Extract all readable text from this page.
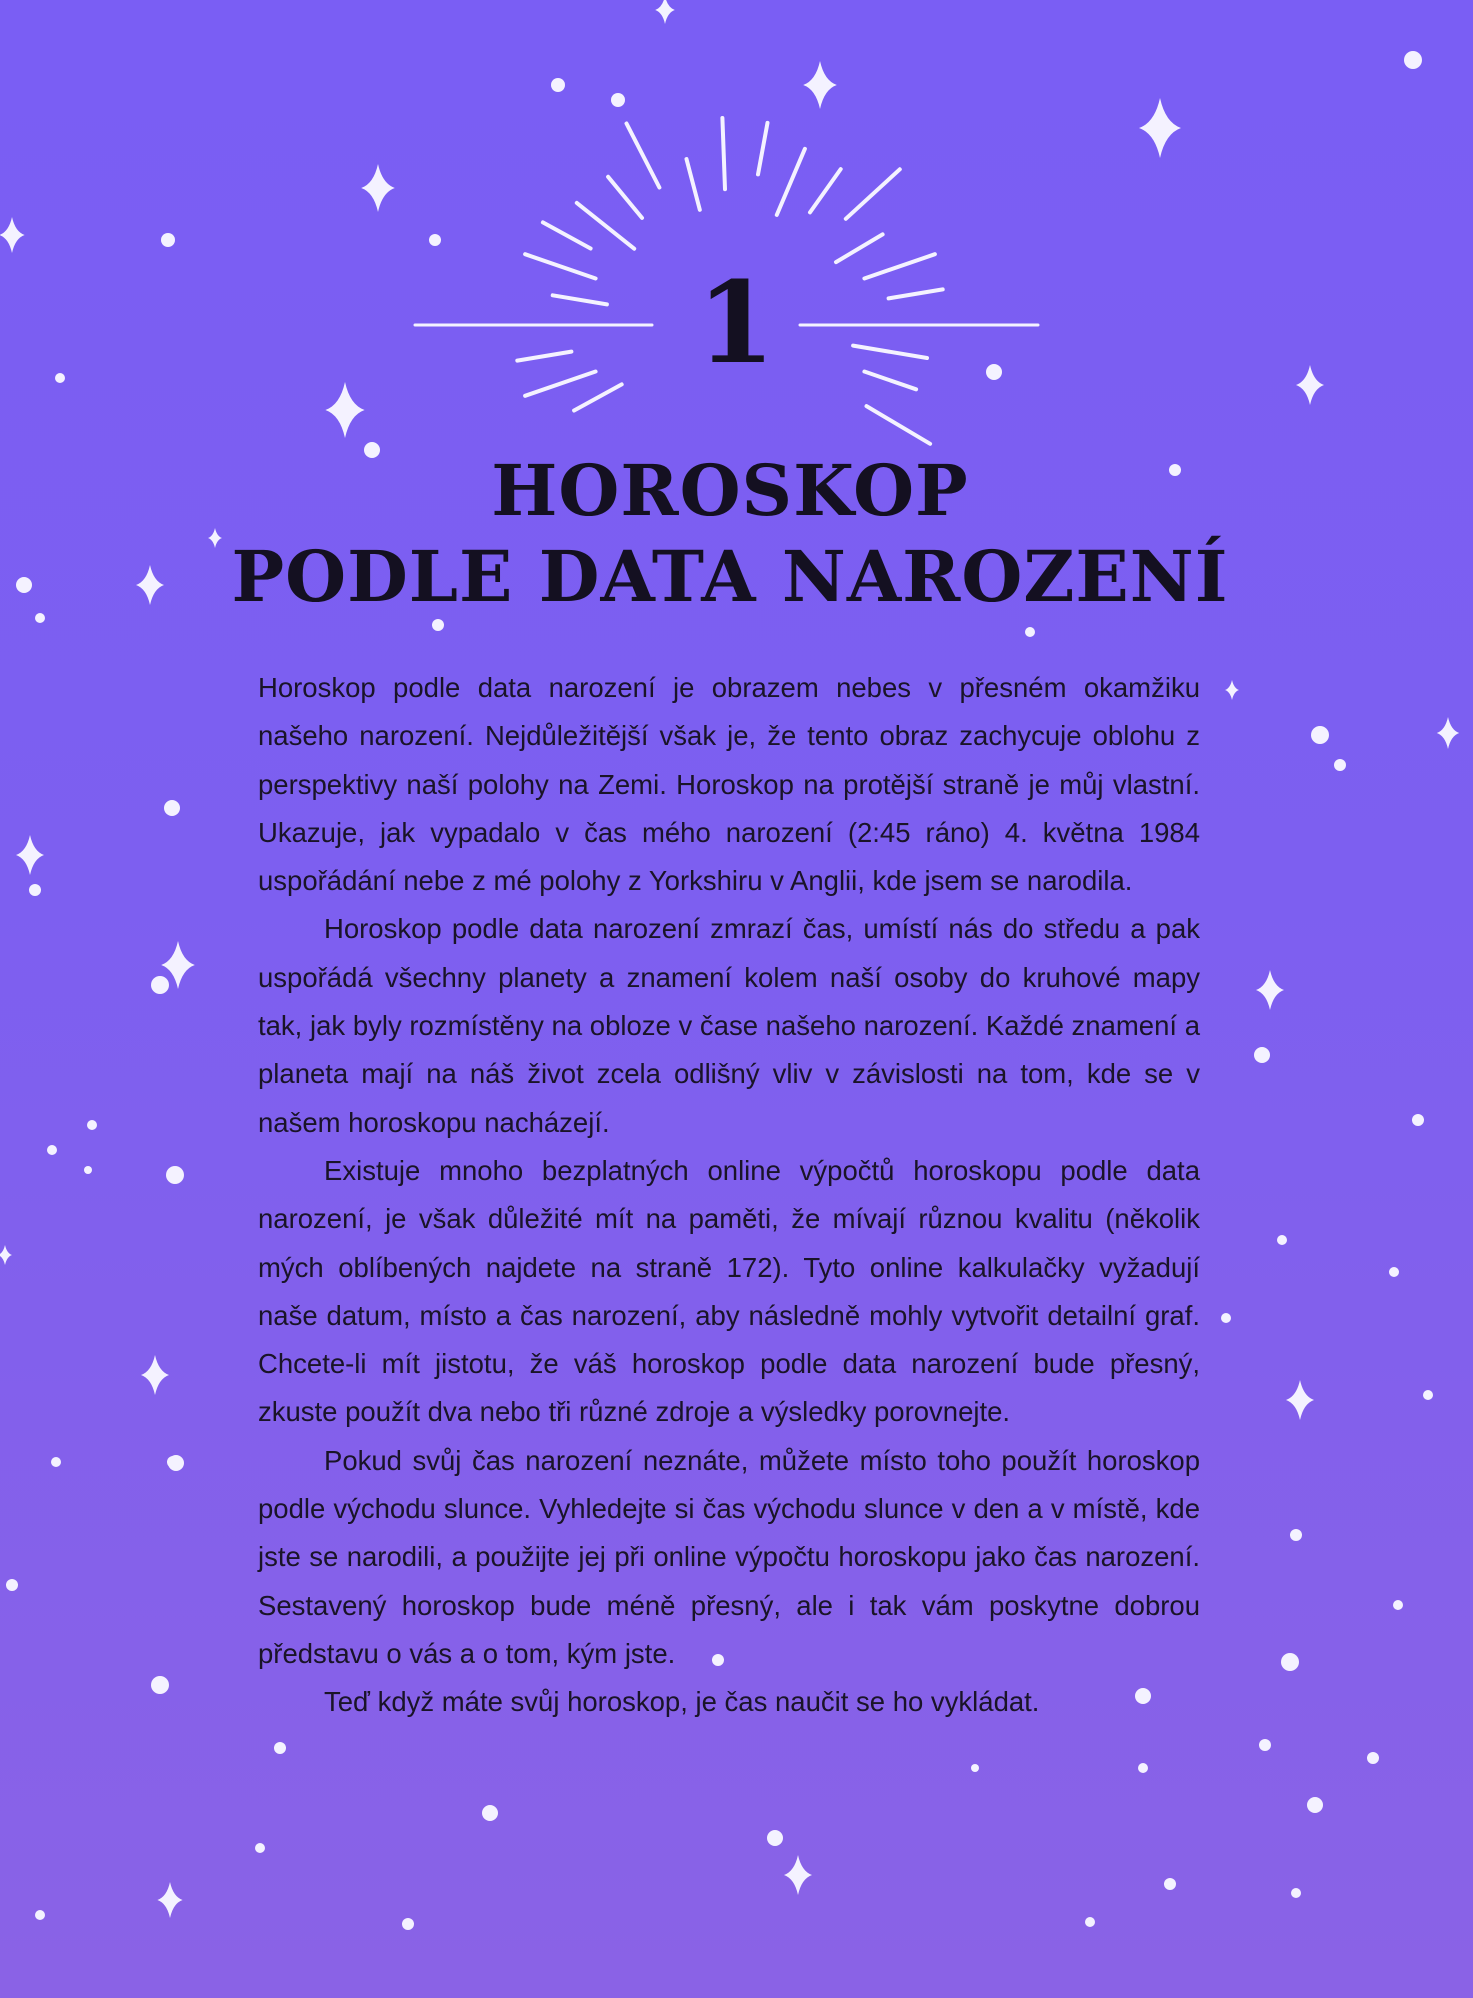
1
HOROSKOP
PODLE DATA NAROZENÍ

Horoskop podle data narození je obrazem nebes v přesném okamžiku našeho narození. Nejdůležitější však je, že tento obraz zachycuje oblohu z perspektivy naší polohy na Zemi. Horoskop na protější straně je můj vlastní. Ukazuje, jak vypadalo v čas mého narození (2:45 ráno) 4. května 1984 uspořádání nebe z mé polohy z Yorkshiru v Anglii, kde jsem se narodila.

Horoskop podle data narození zmrazí čas, umístí nás do středu a pak uspořádá všechny planety a znamení kolem naší osoby do kruhové mapy tak, jak byly rozmístěny na obloze v čase našeho narození. Každé znamení a planeta mají na náš život zcela odlišný vliv v závislosti na tom, kde se v našem horoskopu nacházejí.

Existuje mnoho bezplatných online výpočtů horoskopu podle data narození, je však důležité mít na paměti, že mívají různou kvalitu (několik mých oblíbených najdete na straně 172). Tyto online kalkulačky vyžadují naše datum, místo a čas narození, aby následně mohly vytvořit detailní graf. Chcete-li mít jistotu, že váš horoskop podle data narození bude přesný, zkuste použít dva nebo tři různé zdroje a výsledky porovnejte.

Pokud svůj čas narození neznáte, můžete místo toho použít horoskop podle východu slunce. Vyhledejte si čas východu slunce v den a v místě, kde jste se narodili, a použijte jej při online výpočtu horoskopu jako čas narození. Sestavený horoskop bude méně přesný, ale i tak vám poskytne dobrou představu o vás a o tom, kým jste.

Teď když máte svůj horoskop, je čas naučit se ho vykládat.
